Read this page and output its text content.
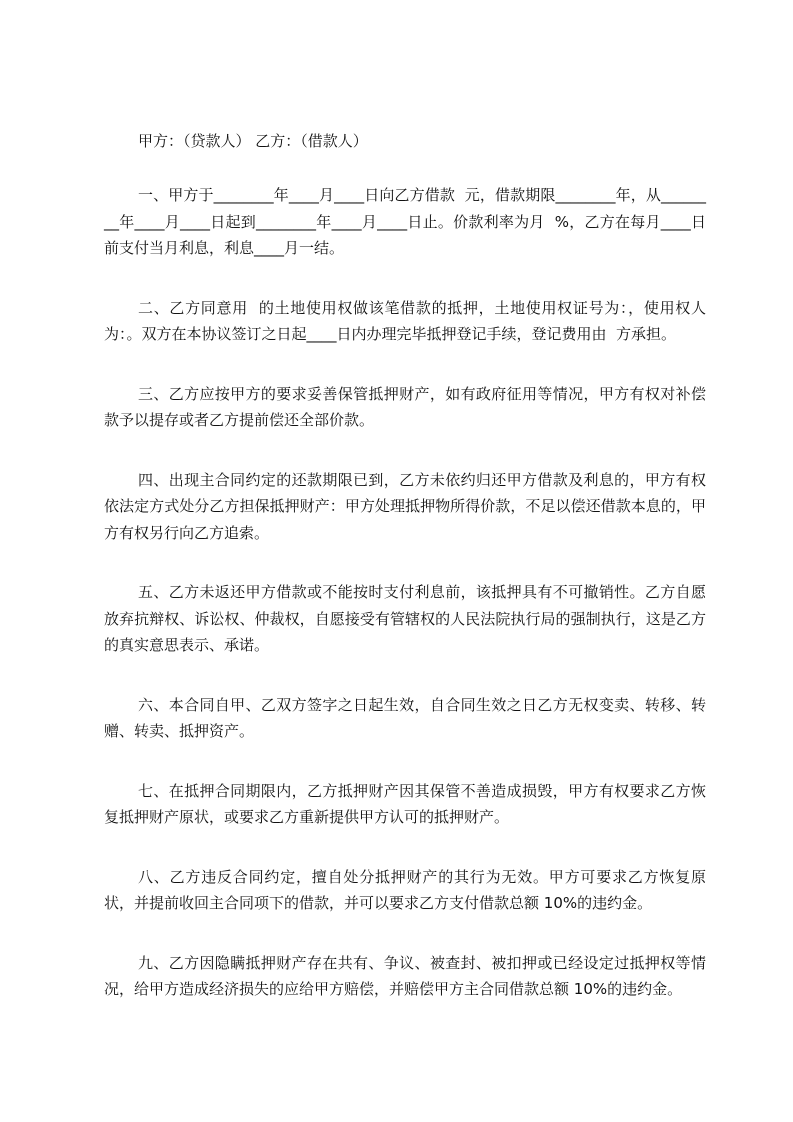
甲方：（贷款人） 乙方：（借款人）

一、甲方于________年____月____日向乙方借款  元，借款期限________年，从________年____月____日起到________年____月____日止。价款利率为月  %，乙方在每月____日前支付当月利息，利息____月一结。

二、乙方同意用  的土地使用权做该笔借款的抵押，土地使用权证号为：，使用权人为：。双方在本协议签订之日起____日内办理完毕抵押登记手续，登记费用由  方承担。

三、乙方应按甲方的要求妥善保管抵押财产，如有政府征用等情况，甲方有权对补偿款予以提存或者乙方提前偿还全部价款。

四、出现主合同约定的还款期限已到，乙方未依约归还甲方借款及利息的，甲方有权依法定方式处分乙方担保抵押财产：甲方处理抵押物所得价款，不足以偿还借款本息的，甲方有权另行向乙方追索。

五、乙方未返还甲方借款或不能按时支付利息前，该抵押具有不可撤销性。乙方自愿放弃抗辩权、诉讼权、仲裁权，自愿接受有管辖权的人民法院执行局的强制执行，这是乙方的真实意思表示、承诺。

六、本合同自甲、乙双方签字之日起生效，自合同生效之日乙方无权变卖、转移、转赠、转卖、抵押资产。

七、在抵押合同期限内，乙方抵押财产因其保管不善造成损毁，甲方有权要求乙方恢复抵押财产原状，或要求乙方重新提供甲方认可的抵押财产。

八、乙方违反合同约定，擅自处分抵押财产的其行为无效。甲方可要求乙方恢复原状，并提前收回主合同项下的借款，并可以要求乙方支付借款总额 10%的违约金。

九、乙方因隐瞒抵押财产存在共有、争议、被查封、被扣押或已经设定过抵押权等情况，给甲方造成经济损失的应给甲方赔偿，并赔偿甲方主合同借款总额 10%的违约金。
